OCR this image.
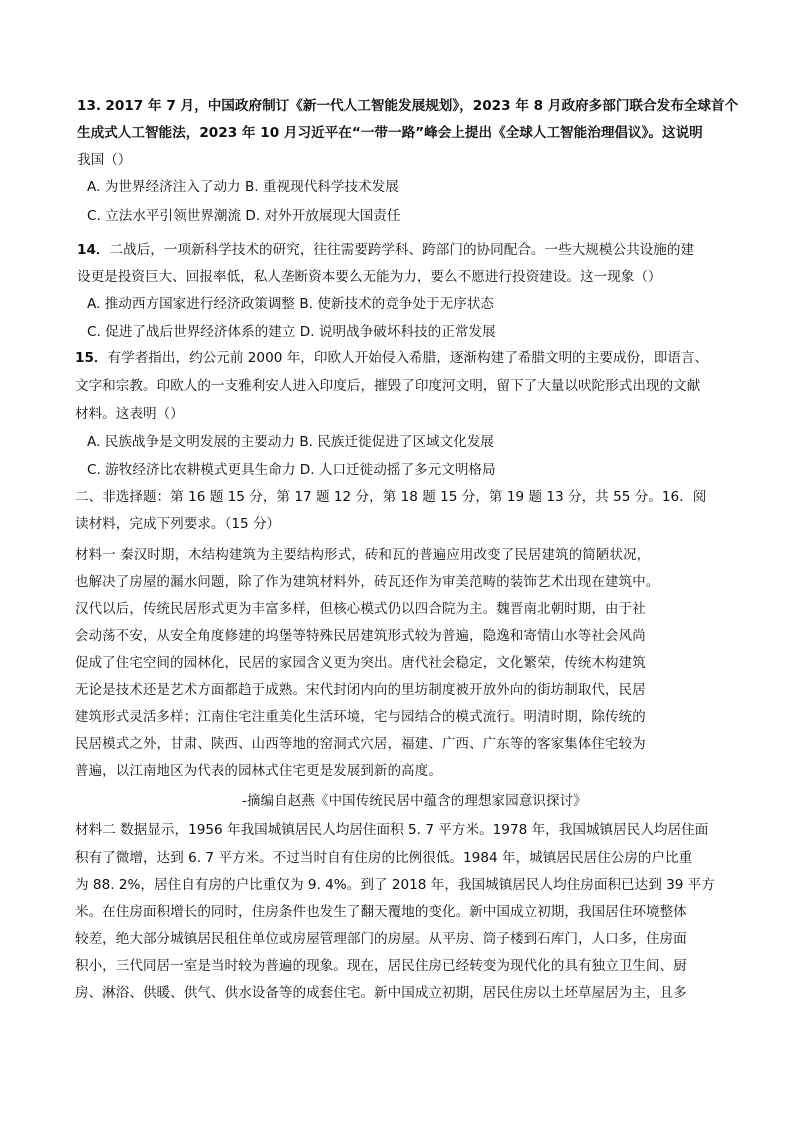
13. 2017 年 7 月，中国政府制订《新一代人工智能发展规划》，2023 年 8 月政府多部门联合发布全球首个
生成式人工智能法，2023 年 10 月习近平在“一带一路”峰会上提出《全球人工智能治理倡议》。这说明
我国（）
A. 为世界经济注入了动力 B. 重视现代科学技术发展
C. 立法水平引领世界潮流 D. 对外开放展现大国责任
14．二战后，一项新科学技术的研究，往往需要跨学科、跨部门的协同配合。一些大规模公共设施的建
设更是投资巨大、回报率低，私人垄断资本要么无能为力，要么不愿进行投资建设。这一现象（）
A. 推动西方国家进行经济政策调整 B. 使新技术的竞争处于无序状态
C. 促进了战后世界经济体系的建立 D. 说明战争破坏科技的正常发展
15．有学者指出，约公元前 2000 年，印欧人开始侵入希腊，逐渐构建了希腊文明的主要成份，即语言、
文字和宗教。印欧人的一支雅利安人进入印度后，摧毁了印度河文明，留下了大量以吠陀形式出现的文献
材料。这表明（）
A. 民族战争是文明发展的主要动力 B. 民族迁徙促进了区域文化发展
C. 游牧经济比农耕模式更具生命力 D. 人口迁徙动摇了多元文明格局
二、非选择题：第 16 题 15 分，第 17 题 12 分，第 18 题 15 分，第 19 题 13 分，共 55 分。16．阅
读材料，完成下列要求。（15 分）
材料一 秦汉时期，木结构建筑为主要结构形式，砖和瓦的普遍应用改变了民居建筑的简陋状况，
也解决了房屋的漏水问题，除了作为建筑材料外，砖瓦还作为审美范畴的装饰艺术出现在建筑中。
汉代以后，传统民居形式更为丰富多样，但核心模式仍以四合院为主。魏晋南北朝时期，由于社
会动荡不安，从安全角度修建的坞堡等特殊民居建筑形式较为普遍，隐逸和寄情山水等社会风尚
促成了住宅空间的园林化，民居的家园含义更为突出。唐代社会稳定，文化繁荣，传统木构建筑
无论是技术还是艺术方面都趋于成熟。宋代封闭内向的里坊制度被开放外向的街坊制取代，民居
建筑形式灵活多样；江南住宅注重美化生活环境，宅与园结合的模式流行。明清时期，除传统的
民居模式之外，甘肃、陕西、山西等地的窑洞式穴居，福建、广西、广东等的客家集体住宅较为
普遍，以江南地区为代表的园林式住宅更是发展到新的高度。
-摘编自赵燕《中国传统民居中蕴含的理想家园意识探讨》
材料二 数据显示，1956 年我国城镇居民人均居住面积 5. 7 平方米。1978 年，我国城镇居民人均居住面
积有了微增，达到 6. 7 平方米。不过当时自有住房的比例很低。1984 年，城镇居民居住公房的户比重
为 88. 2%，居住自有房的户比重仅为 9. 4%。到了 2018 年，我国城镇居民人均住房面积已达到 39 平方
米。在住房面积增长的同时，住房条件也发生了翻天覆地的变化。新中国成立初期，我国居住环境整体
较差，绝大部分城镇居民租住单位或房屋管理部门的房屋。从平房、筒子楼到石库门，人口多，住房面
积小，三代同居一室是当时较为普遍的现象。现在，居民住房已经转变为现代化的具有独立卫生间、厨
房、淋浴、供暖、供气、供水设备等的成套住宅。新中国成立初期，居民住房以土坯草屋居为主，且多
